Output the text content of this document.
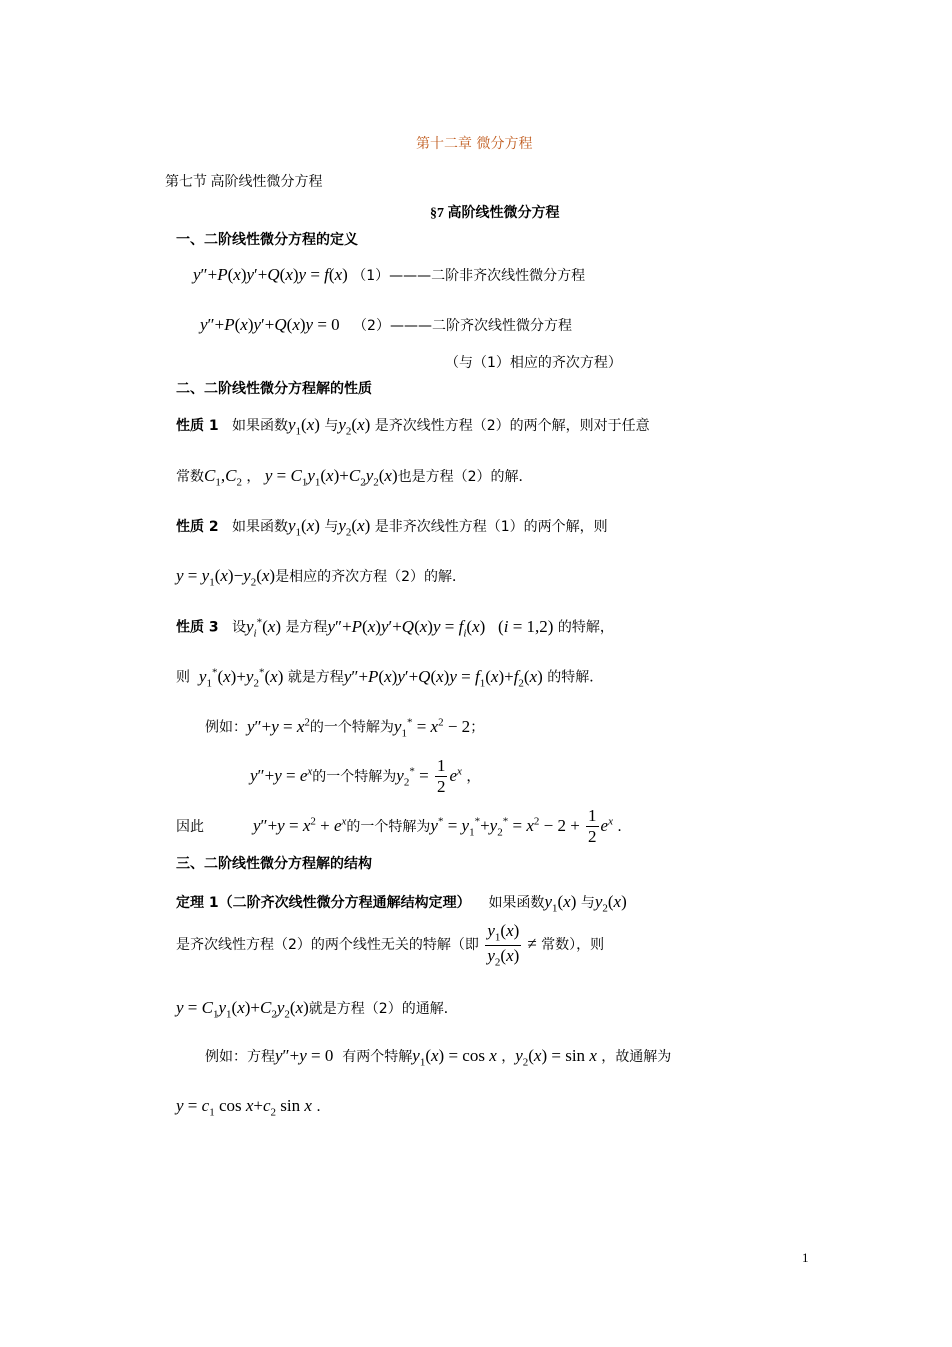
第十二章 微分方程
第七节 高阶线性微分方程
§7 高阶线性微分方程
一、二阶线性微分方程的定义
y″+P(x)y′+Q(x)y = f(x) （1）———二阶非齐次线性微分方程
y″+P(x)y′+Q(x)y = 0 （2）———二阶齐次线性微分方程
（与（1）相应的齐次方程）
二、二阶线性微分方程解的性质
性质 1 如果函数$y_1(x)$ 与$y_2(x)$ 是齐次线性方程（2）的两个解，则对于任意
常数$C_1,C_2$ ， $y = C_1y_1(x)+C_2y_2(x)$也是方程（2）的解．
性质 2 如果函数$y_1(x)$ 与$y_2(x)$ 是非齐次线性方程（1）的两个解，则
$y = y_1(x)-y_2(x)$是相应的齐次方程（2）的解．
性质 3 设$y_i^*(x)$ 是方程$y''+P(x)y'+Q(x)y = f_i(x) (i = 1,2)$ 的特解，
则 $y_1^*(x)+y_2^*(x)$ 就是方程$y''+P(x)y'+Q(x)y = f_1(x)+f_2(x)$ 的特解．
例如：$y''+y = x^2$的一个特解为$y_1^* = x^2 - 2$；
$y''+y = e^x$的一个特解为$y_2^* = \frac{1}{2} e^x$ ，
因此	$y''+y = x^2 + e^x$的一个特解为$y^* = y_1^*+y_2^* = x^2 - 2 + \frac{1}{2} e^x$ ．
三、二阶线性微分方程解的结构
定理 1（二阶齐次线性微分方程通解结构定理） 如果函数$y_1(x)$ 与$y_2(x)$
是齐次线性方程（2）的两个线性无关的特解（即 $\frac{y_1(x)}{y_2(x)}$ ≠ 常数），则
$y = C_1y_1(x)+C_2y_2(x)$就是方程（2）的通解．
例如：方程y″+y = 0 有两个特解$y_1(x) = \cos x$ ，$y_2(x) = \sin x$ ，故通解为
$y = c_1$ $\cos x+c_2$ sin x ．
1
